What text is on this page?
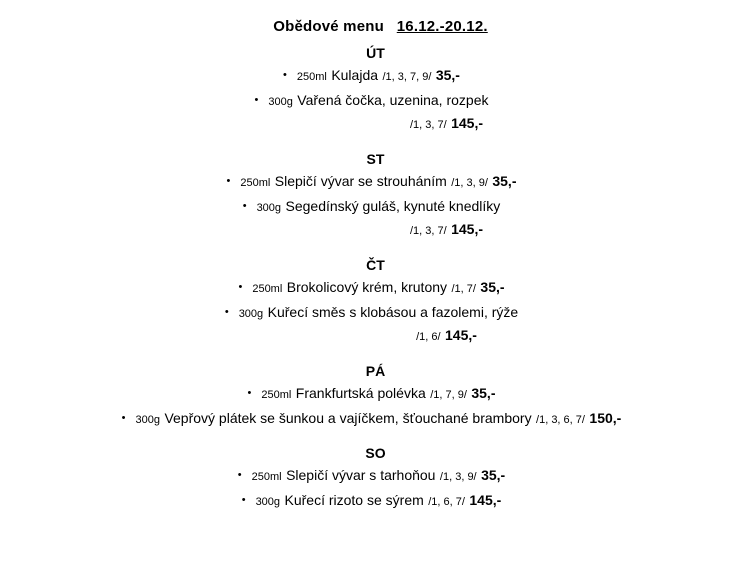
Obědové menu 16.12.-20.12.
ÚT
• 250ml Kulajda /1, 3, 7, 9/ 35,-
• 300g Vařená čočka, uzenina, rozpek
/1, 3, 7/ 145,-
ST
• 250ml Slepičí vývar se strouháním /1, 3, 9/ 35,-
• 300g Segedínský guláš, kynuté knedlíky
/1, 3, 7/ 145,-
ČT
• 250ml Brokolicový krém, krutony /1, 7/ 35,-
• 300g Kuřecí směs s klobásou a fazolemi, rýže
/1, 6/ 145,-
PÁ
• 250ml Frankfurtská polévka /1, 7, 9/ 35,-
• 300g Vepřový plátek se šunkou a vajíčkem, šťouchané brambory /1, 3, 6, 7/ 150,-
SO
• 250ml Slepičí vývar s tarhoňou /1, 3, 9/ 35,-
• 300g Kuřecí rizoto se sýrem /1, 6, 7/ 145,-
